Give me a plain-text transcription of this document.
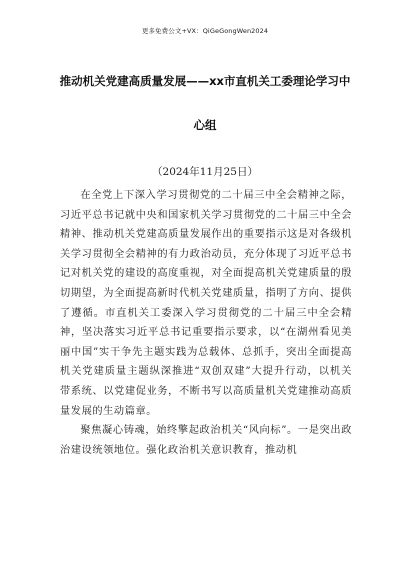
更多免费公文+VX：QiGeGongWen2024
推动机关党建高质量发展——xx市直机关工委理论学习中
心组
（2024年11月25日）

在全党上下深入学习贯彻党的二十届三中全会精神之际，习近平总书记就中央和国家机关学习贯彻党的二十届三中全会精神、推动机关党建高质量发展作出的重要指示这是对各级机关学习贯彻全会精神的有力政治动员，充分体现了习近平总书记对机关党的建设的高度重视，对全面提高机关党建质量的殷切期望，为全面提高新时代机关党建质量，指明了方向、提供了遵循。市直机关工委深入学习贯彻党的二十届三中全会精神，坚决落实习近平总书记重要指示要求，以“在湖州看见美丽中国”实干争先主题实践为总载体、总抓手，突出全面提高机关党建质量主题纵深推进“双创双建”大提升行动，以机关带系统、以党建促业务，不断书写以高质量机关党建推动高质量发展的生动篇章。

聚焦凝心铸魂，始终擎起政治机关“风向标”。一是突出政治建设统领地位。强化政治机关意识教育，推动机
